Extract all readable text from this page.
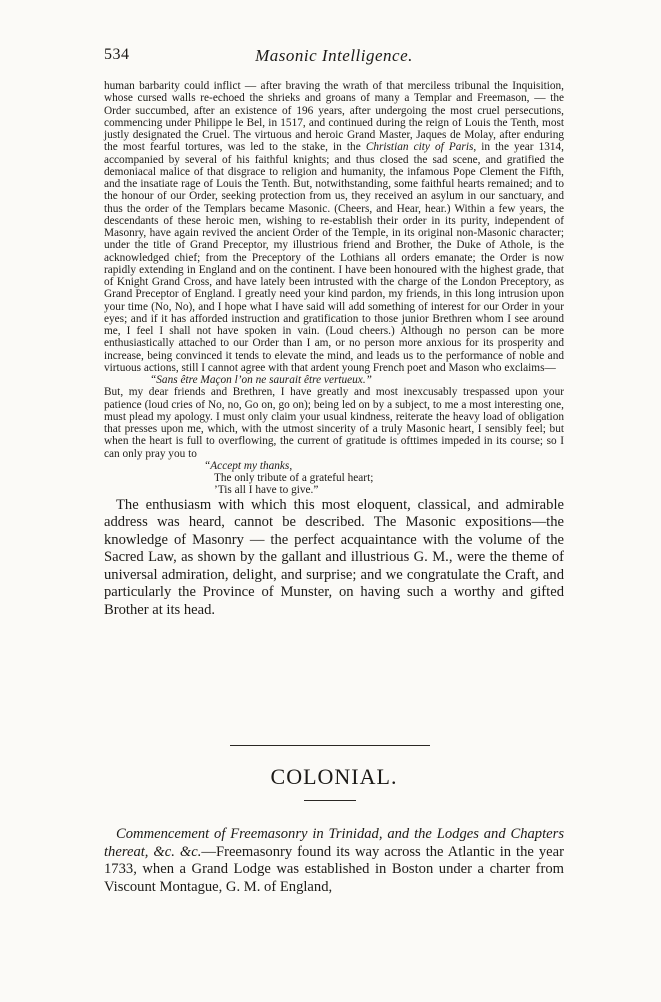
534	Masonic Intelligence.

human barbarity could inflict — after braving the wrath of that merciless tribunal the Inquisition, whose cursed walls re-echoed the shrieks and groans of many a Templar and Freemason, — the Order succumbed, after an existence of 196 years, after undergoing the most cruel persecutions, commencing under Philippe le Bel, in 1517, and continued during the reign of Louis the Tenth, most justly designated the Cruel. The virtuous and heroic Grand Master, Jaques de Molay, after enduring the most fearful tortures, was led to the stake, in the Christian city of Paris, in the year 1314, accompanied by several of his faithful knights; and thus closed the sad scene, and gratified the demoniacal malice of that disgrace to religion and humanity, the infamous Pope Clement the Fifth, and the insatiate rage of Louis the Tenth. But, notwithstanding, some faithful hearts remained; and to the honour of our Order, seeking protection from us, they received an asylum in our sanctuary, and thus the order of the Templars became Masonic. (Cheers, and Hear, hear.) Within a few years, the descendants of these heroic men, wishing to re-establish their order in its purity, independent of Masonry, have again revived the ancient Order of the Temple, in its original non-Masonic character; under the title of Grand Preceptor, my illustrious friend and Brother, the Duke of Athole, is the acknowledged chief; from the Preceptory of the Lothians all orders emanate; the Order is now rapidly extending in England and on the continent. I have been honoured with the highest grade, that of Knight Grand Cross, and have lately been intrusted with the charge of the London Preceptory, as Grand Preceptor of England. I greatly need your kind pardon, my friends, in this long intrusion upon your time (No, No), and I hope what I have said will add something of interest for our Order in your eyes; and if it has afforded instruction and gratification to those junior Brethren whom I see around me, I feel I shall not have spoken in vain. (Loud cheers.) Although no person can be more enthusiastically attached to our Order than I am, or no person more anxious for its prosperity and increase, being convinced it tends to elevate the mind, and leads us to the performance of noble and virtuous actions, still I cannot agree with that ardent young French poet and Mason who exclaims—

“Sans être Maçon l’on ne saurait être vertueux.”

But, my dear friends and Brethren, I have greatly and most inexcusably trespassed upon your patience (loud cries of No, no, Go on, go on); being led on by a subject, to me a most interesting one, must plead my apology. I must only claim your usual kindness, reiterate the heavy load of obligation that presses upon me, which, with the utmost sincerity of a truly Masonic heart, I sensibly feel; but when the heart is full to overflowing, the current of gratitude is ofttimes impeded in its course; so I can only pray you to

“Accept my thanks,

The only tribute of a grateful heart;

’Tis all I have to give.”

The enthusiasm with which this most eloquent, classical, and admirable address was heard, cannot be described. The Masonic expositions—the knowledge of Masonry — the perfect acquaintance with the volume of the Sacred Law, as shown by the gallant and illustrious G. M., were the theme of universal admiration, delight, and surprise; and we congratulate the Craft, and particularly the Province of Munster, on having such a worthy and gifted Brother at its head.

COLONIAL.

Commencement of Freemasonry in Trinidad, and the Lodges and Chapters thereat, &c. &c.—Freemasonry found its way across the Atlantic in the year 1733, when a Grand Lodge was established in Boston under a charter from Viscount Montague, G. M. of England,
